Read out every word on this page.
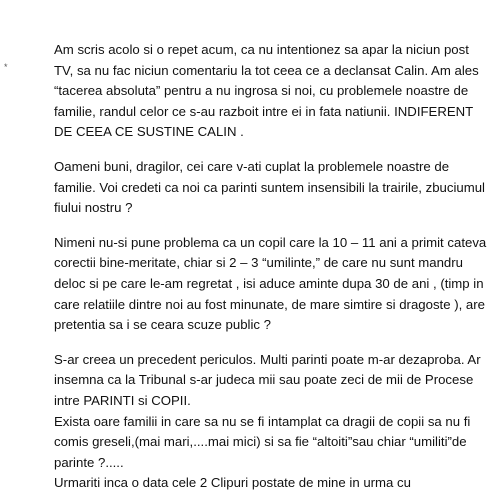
*

Am scris acolo si o repet acum, ca nu intentionez sa apar la niciun post TV, sa nu fac niciun comentariu la tot ceea ce a declansat Calin. Am ales “tacerea absoluta” pentru a nu ingrosa si noi, cu problemele noastre de familie, randul celor ce s-au razboit intre ei in fata natiunii. INDIFERENT DE CEEA CE SUSTINE CALIN .

Oameni buni, dragilor, cei care v-ati cuplat la problemele noastre de familie. Voi credeti ca noi ca parinti suntem insensibili la trairile, zbuciumul fiului nostru ?

Nimeni nu-si pune problema ca un copil care la 10 – 11 ani a primit cateva corectii bine-meritate, chiar si 2 – 3 “umilinte,” de care nu sunt mandru deloc si pe care le-am regretat , isi aduce aminte dupa 30 de ani , (timp in care relatiile dintre noi au fost minunate, de mare simtire si dragoste ), are pretentia sa i se ceara scuze public ?

S-ar creea un precedent periculos. Multi parinti poate m-ar dezaproba. Ar insemna ca la Tribunal s-ar judeca mii sau poate zeci de mii de Procese intre PARINTI si COPII.

Exista oare familii in care sa nu se fi intamplat ca dragii de copii sa nu fi comis greseli,(mai mari,....mai mici) si sa fie “altoiti”sau chiar “umiliti”de parinte ?.....

Urmariti inca o data cele 2 Clipuri postate de mine in urma cu
